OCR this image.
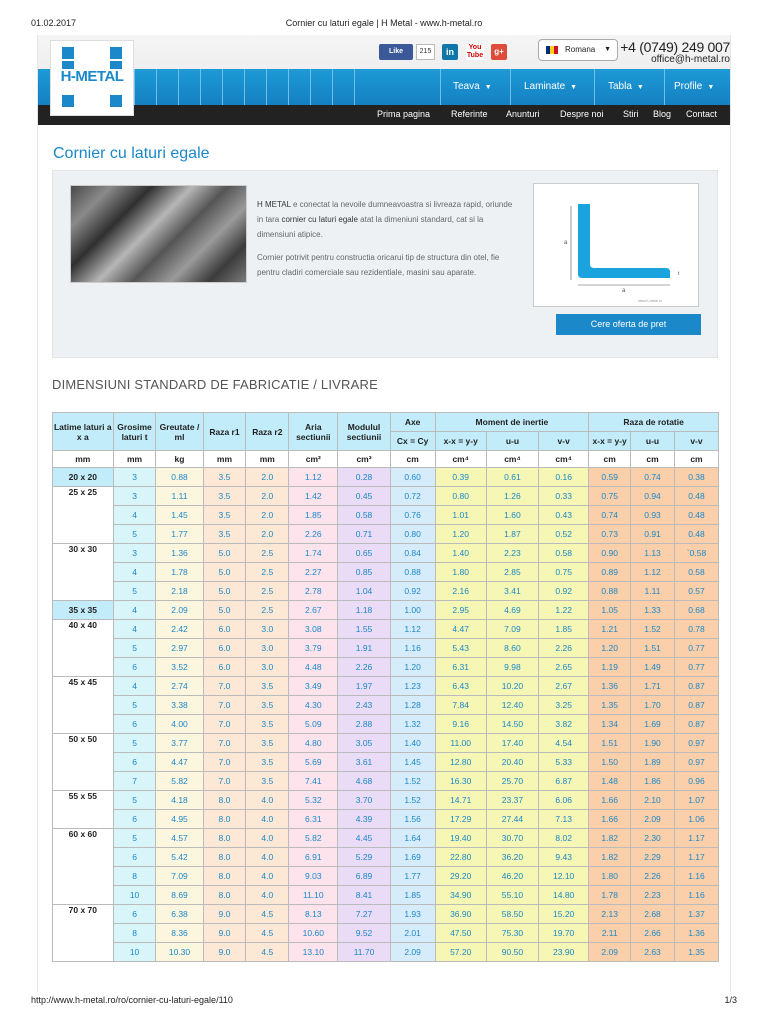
01.02.2017	Cornier cu laturi egale | H Metal - www.h-metal.ro
H-METAL
Like	215	in	You Tube	g+	Romana ▼ +4 (0749) 249 007
office@h-metal.ro
Teava ▼	Laminate ▼	Tabla ▼	Profile ▼
Prima pagina Referinte Anunturi Despre noi Stiri Blog Contact
Cornier cu laturi egale
H METAL e conectat la nevoile dumneavoastra si livreaza rapid, oriunde in tara cornier cu laturi egale atat la dimeniuni standard, cat si la dimensiuni atipice.
Cornier potrivit pentru constructia oricarui tip de structura din otel, fie pentru cladiri comerciale sau rezidentiale, masini sau aparate.
a
a
t
www.h-metal.ro
Cere oferta de pret
DIMENSIUNI STANDARD DE FABRICATIE / LIVRARE
Latime laturi a x a	Grosime laturi t	Greutate / ml	Raza r1	Raza r2	Aria sectiunii	Modulul sectiunii	Axe	Moment de inertie			Raza de rotatie		
							Cx = Cy	x-x = y-y	u-u	v-v	x-x = y-y	u-u	v-v
mm	mm	kg	mm	mm	cm²	cm³	cm	cm⁴	cm⁴	cm⁴	cm	cm	cm
20 x 20	3	0.88	3.5	2.0	1.12	0.28	0.60	0.39	0.61	0.16	0.59	0.74	0.38
25 x 25	3	1.11	3.5	2.0	1.42	0.45	0.72	0.80	1.26	0.33	0.75	0.94	0.48
	4	1.45	3.5	2.0	1.85	0.58	0.76	1.01	1.60	0.43	0.74	0.93	0.48
	5	1.77	3.5	2.0	2.26	0.71	0.80	1.20	1.87	0.52	0.73	0.91	0.48
30 x 30	3	1.36	5.0	2.5	1.74	0.65	0.84	1.40	2.23	0.58	0.90	1.13	`0.58
	4	1.78	5.0	2.5	2.27	0.85	0.88	1.80	2.85	0.75	0.89	1.12	0.58
	5	2.18	5.0	2.5	2.78	1.04	0.92	2.16	3.41	0.92	0.88	1.11	0.57
35 x 35	4	2.09	5.0	2.5	2.67	1.18	1.00	2.95	4.69	1.22	1.05	1.33	0.68
40 x 40	4	2.42	6.0	3.0	3.08	1.55	1.12	4.47	7.09	1.85	1.21	1.52	0.78
	5	2.97	6.0	3.0	3.79	1.91	1.16	5.43	8.60	2.26	1.20	1.51	0.77
	6	3.52	6.0	3.0	4.48	2.26	1.20	6.31	9.98	2.65	1.19	1.49	0.77
45 x 45	4	2.74	7.0	3.5	3.49	1.97	1.23	6.43	10.20	2.67	1.36	1.71	0.87
	5	3.38	7.0	3.5	4.30	2.43	1.28	7.84	12.40	3.25	1.35	1.70	0.87
	6	4.00	7.0	3.5	5.09	2.88	1.32	9.16	14.50	3.82	1.34	1.69	0.87
50 x 50	5	3.77	7.0	3.5	4.80	3.05	1.40	11.00	17.40	4.54	1.51	1.90	0.97
	6	4.47	7.0	3.5	5.69	3.61	1.45	12.80	20.40	5.33	1.50	1.89	0.97
	7	5.82	7.0	3.5	7.41	4.68	1.52	16.30	25.70	6.87	1.48	1.86	0.96
55 x 55	5	4.18	8.0	4.0	5.32	3.70	1.52	14.71	23.37	6.06	1.66	2.10	1.07
	6	4.95	8.0	4.0	6.31	4.39	1.56	17.29	27.44	7.13	1.66	2.09	1.06
60 x 60	5	4.57	8.0	4.0	5.82	4.45	1.64	19.40	30.70	8.02	1.82	2.30	1.17
	6	5.42	8.0	4.0	6.91	5.29	1.69	22.80	36.20	9.43	1.82	2.29	1.17
	8	7.09	8.0	4.0	9.03	6.89	1.77	29.20	46.20	12.10	1.80	2.26	1.16
	10	8.69	8.0	4.0	11.10	8.41	1.85	34.90	55.10	14.80	1.78	2.23	1.16
70 x 70	6	6.38	9.0	4.5	8.13	7.27	1.93	36.90	58.50	15.20	2.13	2.68	1.37
	8	8.36	9.0	4.5	10.60	9.52	2.01	47.50	75.30	19.70	2.11	2.66	1.36
	10	10.30	9.0	4.5	13.10	11.70	2.09	57.20	90.50	23.90	2.09	2.63	1.35
http://www.h-metal.ro/ro/cornier-cu-laturi-egale/110	1/3
